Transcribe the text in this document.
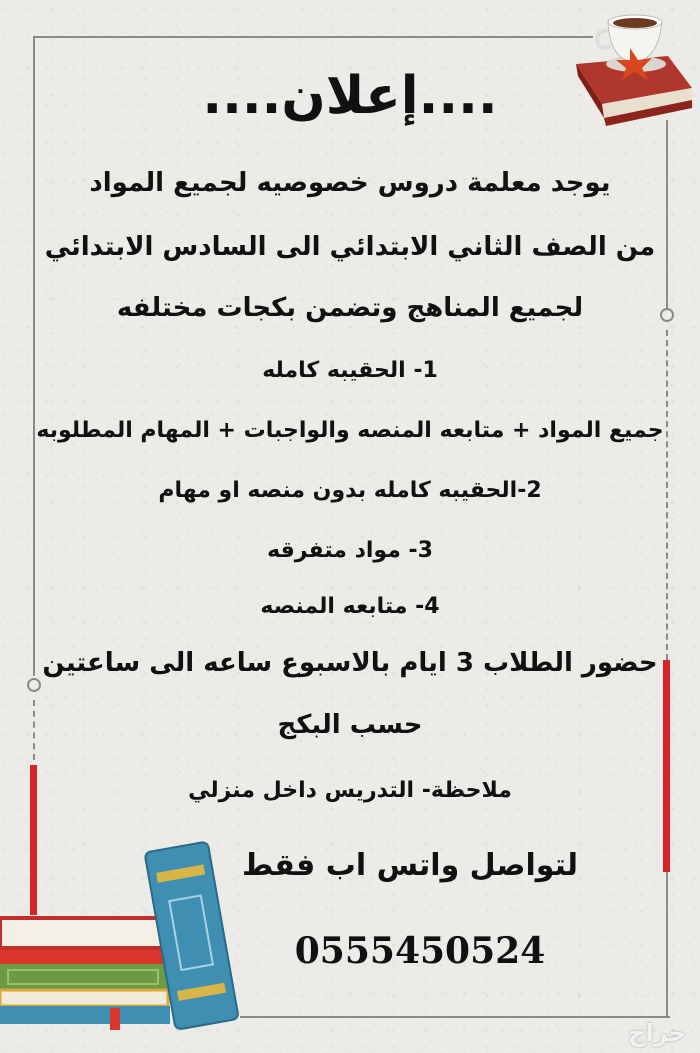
....إعلان....
يوجد معلمة دروس خصوصيه لجميع المواد
من الصف الثاني الابتدائي الى السادس الابتدائي
لجميع المناهج وتضمن بكجات مختلفه
1- الحقيبه كامله
جميع المواد + متابعه المنصه والواجبات + المهام المطلوبه
2-الحقيبه كامله بدون منصه او مهام
3- مواد متفرقه
4- متابعه المنصه
حضور الطلاب 3 ايام بالاسبوع ساعه الى ساعتين
حسب البكج
ملاحظة- التدريس داخل منزلي
لتواصل واتس اب فقط
0555450524
حراج
